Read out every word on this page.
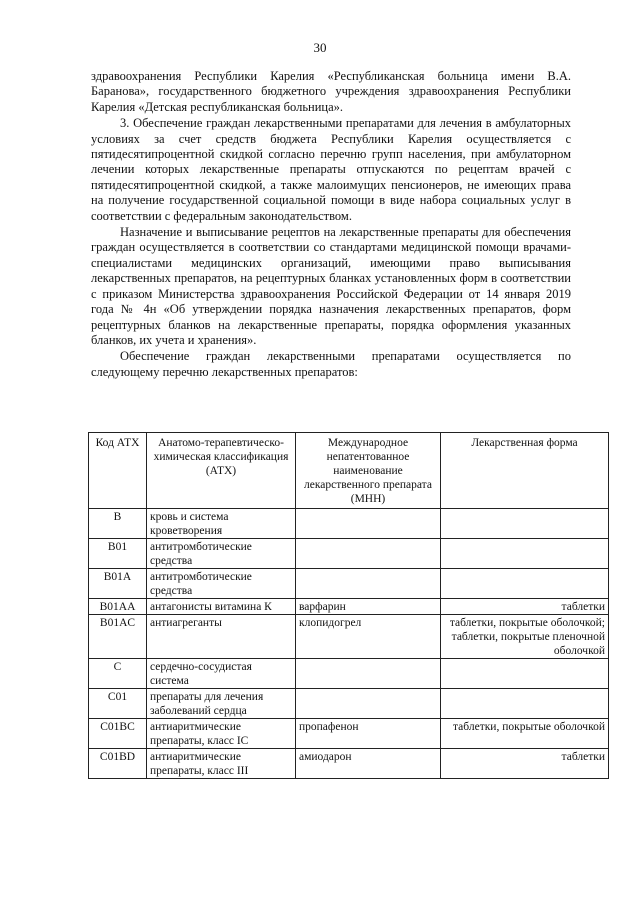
30

здравоохранения Республики Карелия «Республиканская больница имени В.А. Баранова», государственного бюджетного учреждения здравоохранения Республики Карелия «Детская республиканская больница».

3. Обеспечение граждан лекарственными препаратами для лечения в амбулаторных условиях за счет средств бюджета Республики Карелия осуществляется с пятидесятипроцентной скидкой согласно перечню групп населения, при амбулаторном лечении которых лекарственные препараты отпускаются по рецептам врачей с пятидесятипроцентной скидкой, а также малоимущих пенсионеров, не имеющих права на получение государственной социальной помощи в виде набора социальных услуг в соответствии с федеральным законодательством.

Назначение и выписывание рецептов на лекарственные препараты для обеспечения граждан осуществляется в соответствии со стандартами медицинской помощи врачами-специалистами медицинских организаций, имеющими право выписывания лекарственных препаратов, на рецептурных бланках установленных форм в соответствии с приказом Министерства здравоохранения Российской Федерации от 14 января 2019 года № 4н «Об утверждении порядка назначения лекарственных препаратов, форм рецептурных бланков на лекарственные препараты, порядка оформления указанных бланков, их учета и хранения».

Обеспечение граждан лекарственными препаратами осуществляется по следующему перечню лекарственных препаратов:

Код АТХ	Анатомо-терапевтическо-химическая классификация (АТХ)	Международное непатентованное наименование лекарственного препарата (МНН)	Лекарственная форма
B	кровь и система кроветворения		
B01	антитромботические средства		
B01A	антитромботические средства		
B01AA	антагонисты витамина К	варфарин	таблетки

B01AC	антиагреганты	клопидогрел	таблетки, покрытые оболочкой;
таблетки, покрытые пленочной оболочкой

C	сердечно-сосудистая система		
C01	препараты для лечения заболеваний сердца		
C01BC	антиаритмические препараты, класс IC	пропафенон	таблетки, покрытые оболочкой

C01BD	антиаритмические препараты, класс III	амиодарон	таблетки
